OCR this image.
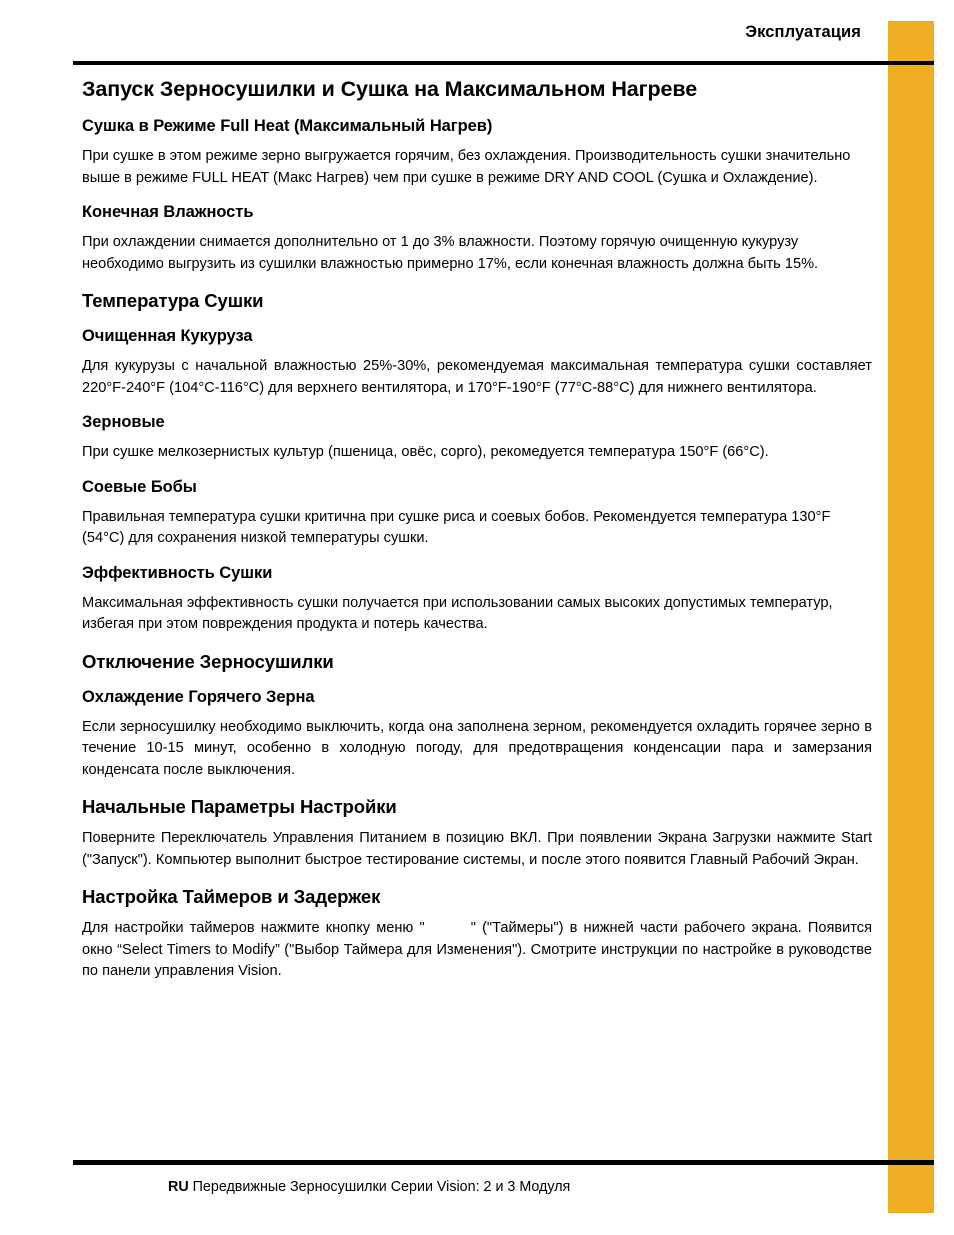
Эксплуатация
Запуск Зерносушилки и Сушка на Максимальном Нагреве
Сушка в Режиме Full Heat (Максимальный Нагрев)

При сушке в этом режиме зерно выгружается горячим, без охлаждения. Производительность сушки значительно выше в режиме FULL HEAT (Макс Нагрев) чем при сушке в режиме DRY AND COOL (Сушка и Охлаждение).

Конечная Влажность

При охлаждении снимается дополнительно от 1 до 3% влажности. Поэтому горячую очищенную кукурузу необходимо выгрузить из сушилки влажностью примерно 17%, если конечная влажность должна быть 15%.

Температура Сушки
Очищенная Кукуруза

Для кукурузы с начальной влажностью 25%-30%, рекомендуемая максимальная температура сушки составляет 220°F-240°F (104°C-116°C) для верхнего вентилятора, и 170°F-190°F (77°C-88°C) для нижнего вентилятора.

Зерновые

При сушке мелкозернистых культур (пшеница, овёс, сорго), рекомедуется температура 150°F (66°C).

Соевые Бобы

Правильная температура сушки критична при сушке риса и соевых бобов. Рекомендуется температура 130°F (54°C) для сохранения низкой температуры сушки.

Эффективность Сушки

Максимальная эффективность сушки получается при использовании самых высоких допустимых температур, избегая при этом повреждения продукта и потерь качества.

Отключение Зерносушилки
Охлаждение Горячего Зерна

Если зерносушилку необходимо выключить, когда она заполнена зерном, рекомендуется охладить горячее зерно в течение 10-15 минут, особенно в холодную погоду, для предотвращения конденсации пара и замерзания конденсата после выключения.

Начальные Параметры Настройки

Поверните Переключатель Управления Питанием в позицию ВКЛ. При появлении Экрана Загрузки нажмите Start ("Запуск"). Компьютер выполнит быстрое тестирование системы, и после этого появится Главный Рабочий Экран.

Настройка Таймеров и Задержек

Для настройки таймеров нажмите кнопку меню "	" ("Таймеры") в нижней части рабочего экрана. Появится окно “Select Timers to Modify” ("Выбор Таймера для Изменения"). Смотрите инструкции по настройке в руководстве по панели управления Vision.

RU Передвижные Зерносушилки Серии Vision: 2 и 3 Модуля
